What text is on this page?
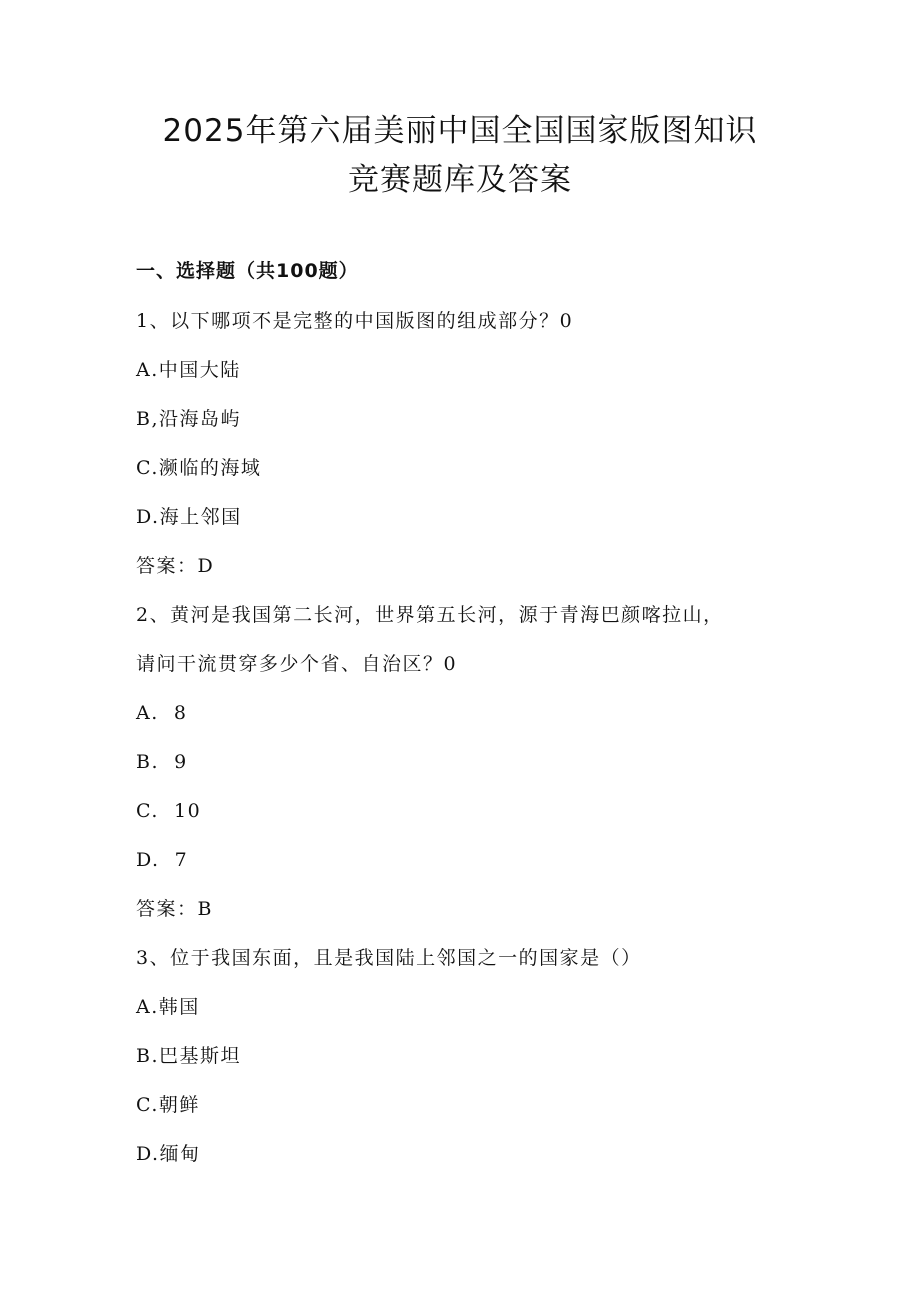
2025年第六届美丽中国全国国家版图知识
竞赛题库及答案
一、选择题（共100题）
1、以下哪项不是完整的中国版图的组成部分？0
A.中国大陆
B,沿海岛屿
C.濒临的海域
D.海上邻国
答案：D
2、黄河是我国第二长河，世界第五长河，源于青海巴颜喀拉山，
请问干流贯穿多少个省、自治区？0
A.  8
B.  9
C.  10
D.  7
答案：B
3、位于我国东面，且是我国陆上邻国之一的国家是（）
A.韩国
B.巴基斯坦
C.朝鲜
D.缅甸
